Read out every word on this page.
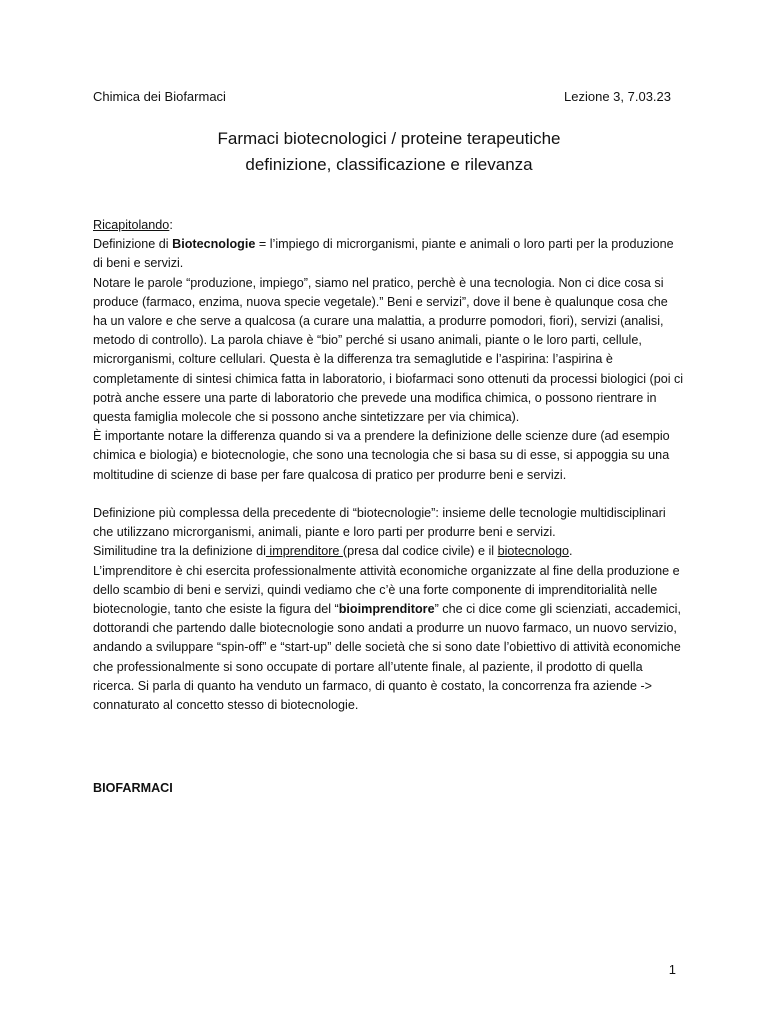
Chimica dei Biofarmaci	Lezione 3, 7.03.23
Farmaci biotecnologici / proteine terapeutiche
definizione, classificazione e rilevanza

Ricapitolando:

Definizione di Biotecnologie = l’impiego di microrganismi, piante e animali o loro parti per la produzione di beni e servizi.

Notare le parole “produzione, impiego”, siamo nel pratico, perchè è una tecnologia. Non ci dice cosa si produce (farmaco, enzima, nuova specie vegetale).” Beni e servizi”, dove il bene è qualunque cosa che ha un valore e che serve a qualcosa (a curare una malattia, a produrre pomodori, fiori), servizi (analisi, metodo di controllo). La parola chiave è “bio” perché si usano animali, piante o le loro parti, cellule, microrganismi, colture cellulari. Questa è la differenza tra semaglutide e l’aspirina: l’aspirina è completamente di sintesi chimica fatta in laboratorio, i biofarmaci sono ottenuti da processi biologici (poi ci potrà anche essere una parte di laboratorio che prevede una modifica chimica, o possono rientrare in questa famiglia molecole che si possono anche sintetizzare per via chimica).

È importante notare la differenza quando si va a prendere la definizione delle scienze dure (ad esempio chimica e biologia) e biotecnologie, che sono una tecnologia che si basa su di esse, si appoggia su una moltitudine di scienze di base per fare qualcosa di pratico per produrre beni e servizi.

Definizione più complessa della precedente di “biotecnologie”: insieme delle tecnologie multidisciplinari che utilizzano microrganismi, animali, piante e loro parti per produrre beni e servizi.

Similitudine tra la definizione di imprenditore (presa dal codice civile) e il biotecnologo.

L’imprenditore è chi esercita professionalmente attività economiche organizzate al fine della produzione e dello scambio di beni e servizi, quindi vediamo che c’è una forte componente di imprenditorialità nelle biotecnologie, tanto che esiste la figura del “bioimprenditore” che ci dice come gli scienziati, accademici, dottorandi che partendo dalle biotecnologie sono andati a produrre un nuovo farmaco, un nuovo servizio, andando a sviluppare “spin-off” e “start-up” delle società che si sono date l’obiettivo di attività economiche che professionalmente si sono occupate di portare all’utente finale, al paziente, il prodotto di quella ricerca. Si parla di quanto ha venduto un farmaco, di quanto è costato, la concorrenza fra aziende -> connaturato al concetto stesso di biotecnologie.

BIOFARMACI
1
